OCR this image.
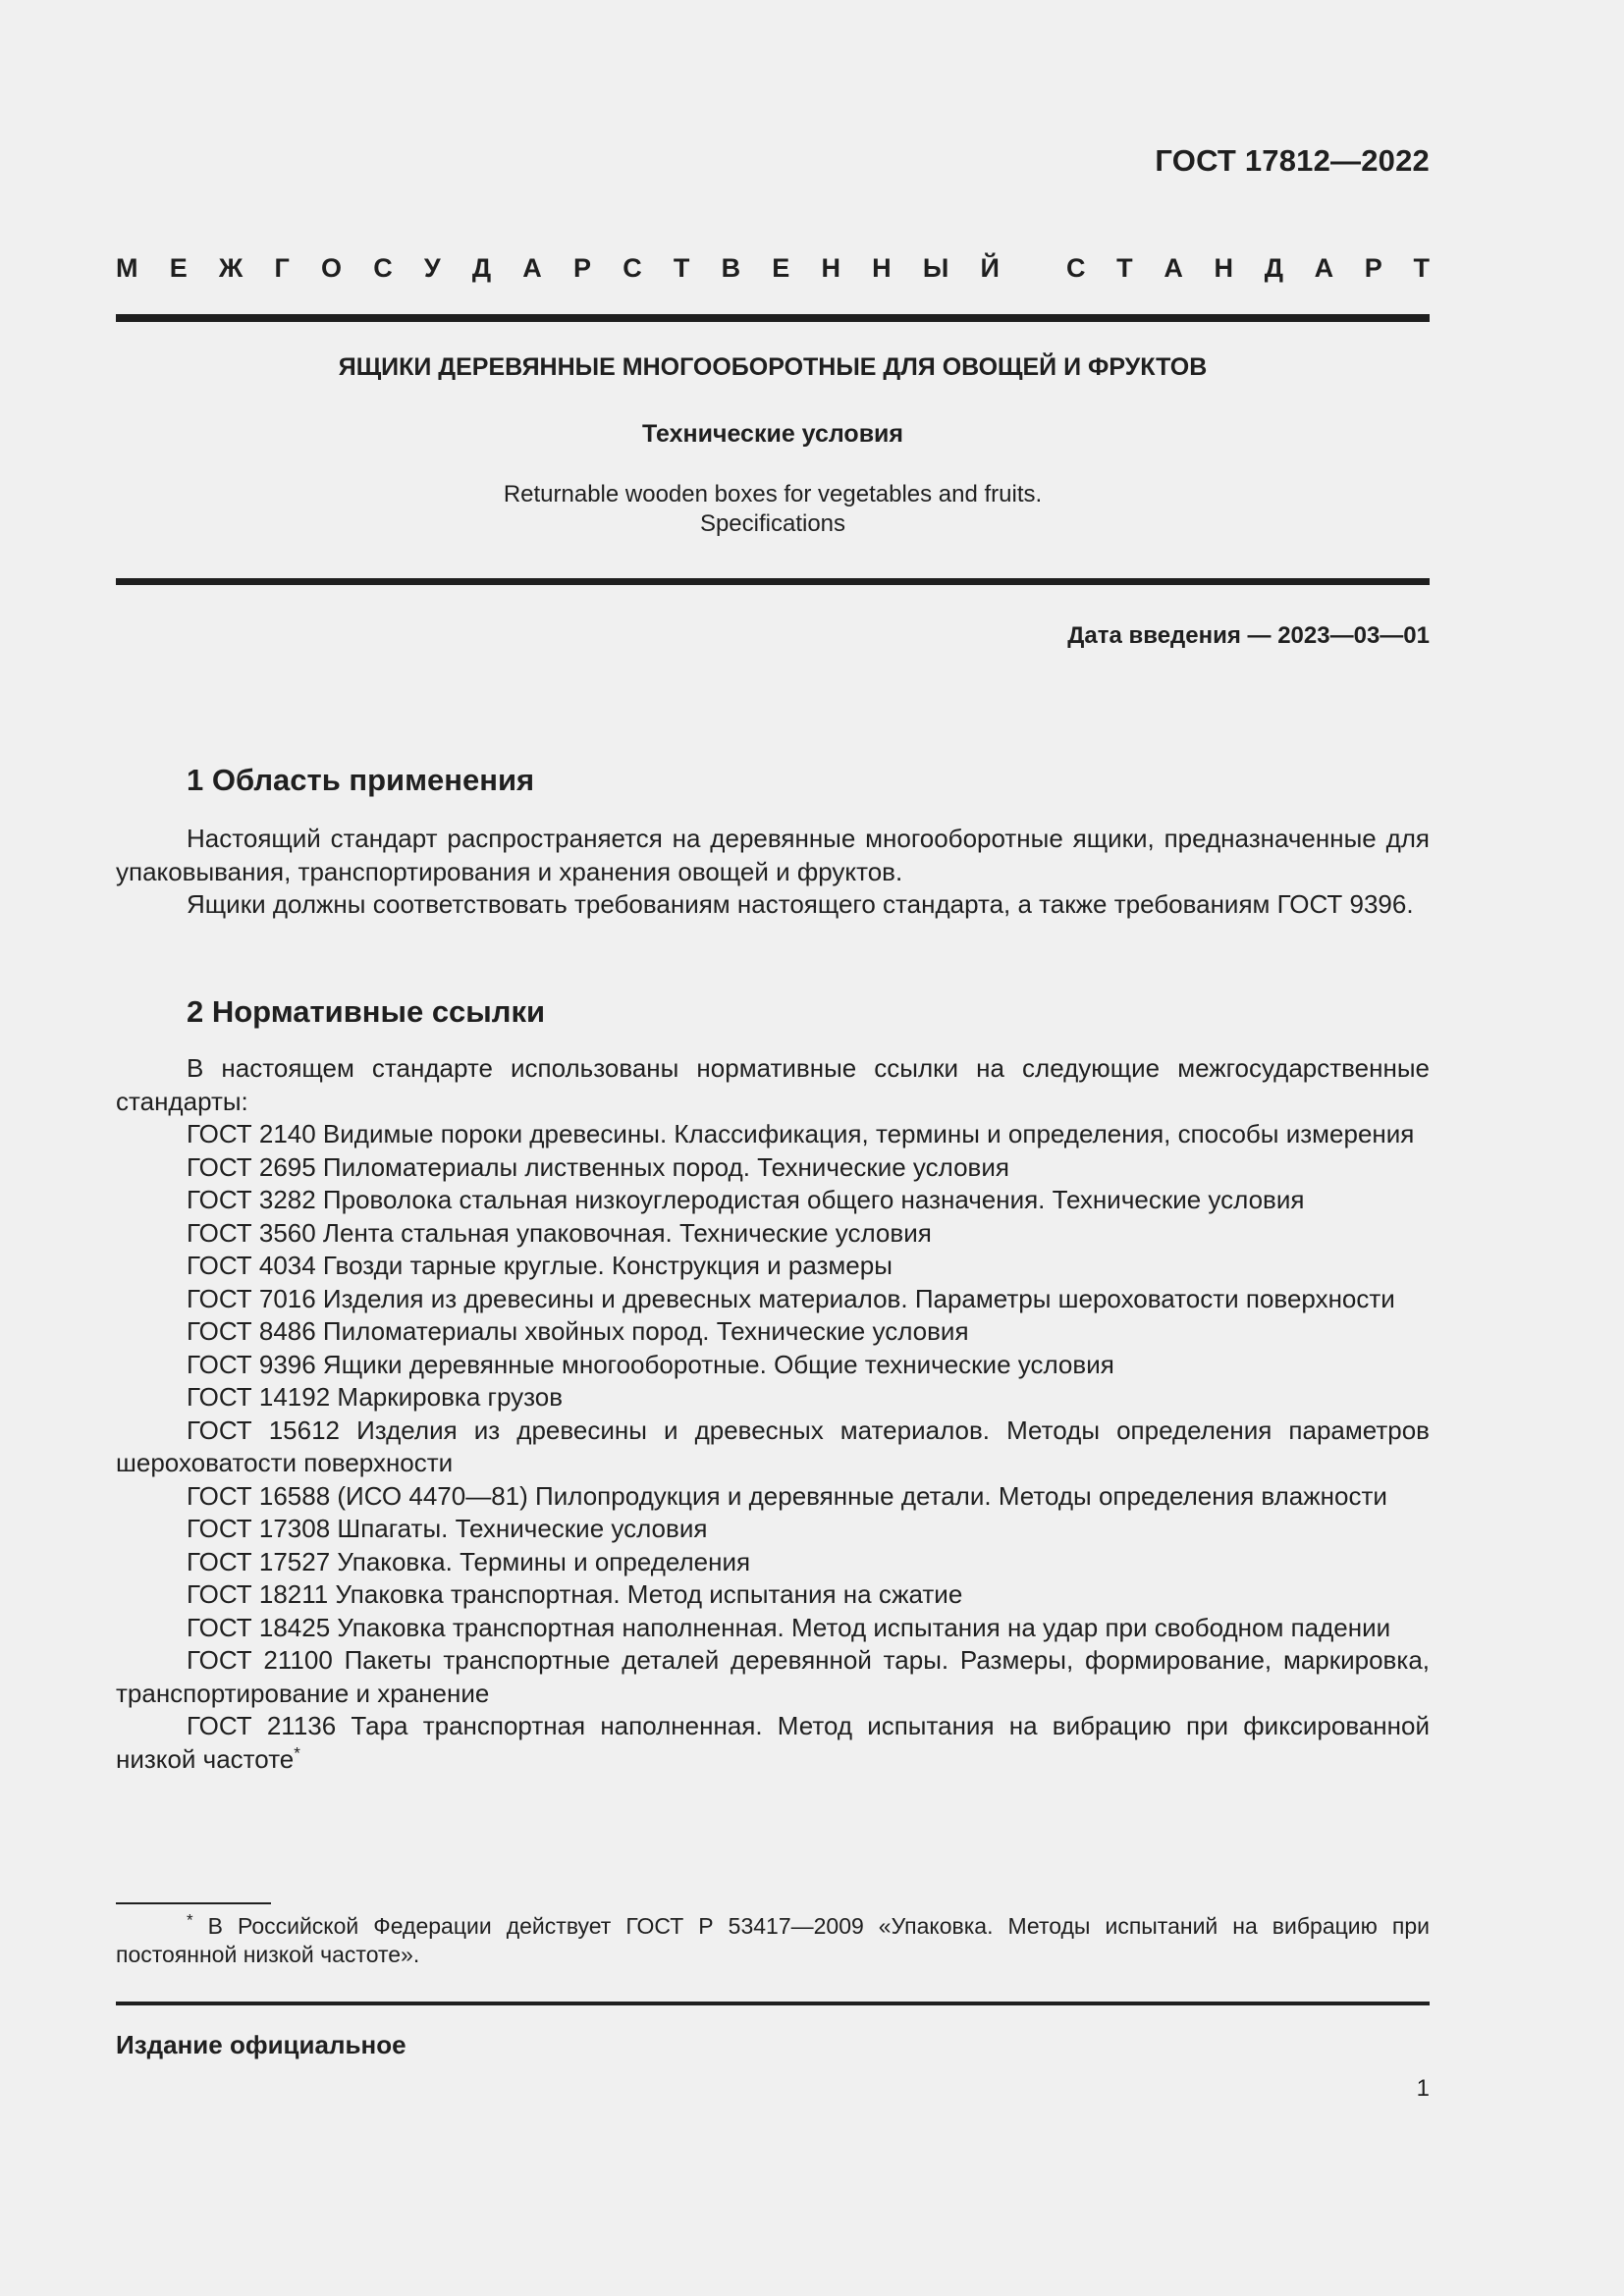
ГОСТ 17812—2022
М Е Ж Г О С У Д А Р С Т В Е Н Н Ы Й	С Т А Н Д А Р Т
ЯЩИКИ ДЕРЕВЯННЫЕ МНОГООБОРОТНЫЕ ДЛЯ ОВОЩЕЙ И ФРУКТОВ
Технические условия
Returnable wooden boxes for vegetables and fruits.
Specifications
Дата введения — 2023—03—01
1 Область применения

Настоящий стандарт распространяется на деревянные многооборотные ящики, предназначенные для упаковывания, транспортирования и хранения овощей и фруктов.

Ящики должны соответствовать требованиям настоящего стандарта, а также требованиям ГОСТ 9396.

2 Нормативные ссылки

В настоящем стандарте использованы нормативные ссылки на следующие межгосударственные стандарты:

ГОСТ 2140 Видимые пороки древесины. Классификация, термины и определения, способы измерения

ГОСТ 2695 Пиломатериалы лиственных пород. Технические условия

ГОСТ 3282 Проволока стальная низкоуглеродистая общего назначения. Технические условия

ГОСТ 3560 Лента стальная упаковочная. Технические условия

ГОСТ 4034 Гвозди тарные круглые. Конструкция и размеры

ГОСТ 7016 Изделия из древесины и древесных материалов. Параметры шероховатости поверхности

ГОСТ 8486 Пиломатериалы хвойных пород. Технические условия

ГОСТ 9396 Ящики деревянные многооборотные. Общие технические условия

ГОСТ 14192 Маркировка грузов

ГОСТ 15612 Изделия из древесины и древесных материалов. Методы определения параметров шероховатости поверхности

ГОСТ 16588 (ИСО 4470—81) Пилопродукция и деревянные детали. Методы определения влажности

ГОСТ 17308 Шпагаты. Технические условия

ГОСТ 17527 Упаковка. Термины и определения

ГОСТ 18211 Упаковка транспортная. Метод испытания на сжатие

ГОСТ 18425 Упаковка транспортная наполненная. Метод испытания на удар при свободном падении

ГОСТ 21100 Пакеты транспортные деталей деревянной тары. Размеры, формирование, маркировка, транспортирование и хранение

ГОСТ 21136 Тара транспортная наполненная. Метод испытания на вибрацию при фиксированной низкой частоте*

* В Российской Федерации действует ГОСТ Р 53417—2009 «Упаковка. Методы испытаний на вибрацию при постоянной низкой частоте».

Издание официальное
1
